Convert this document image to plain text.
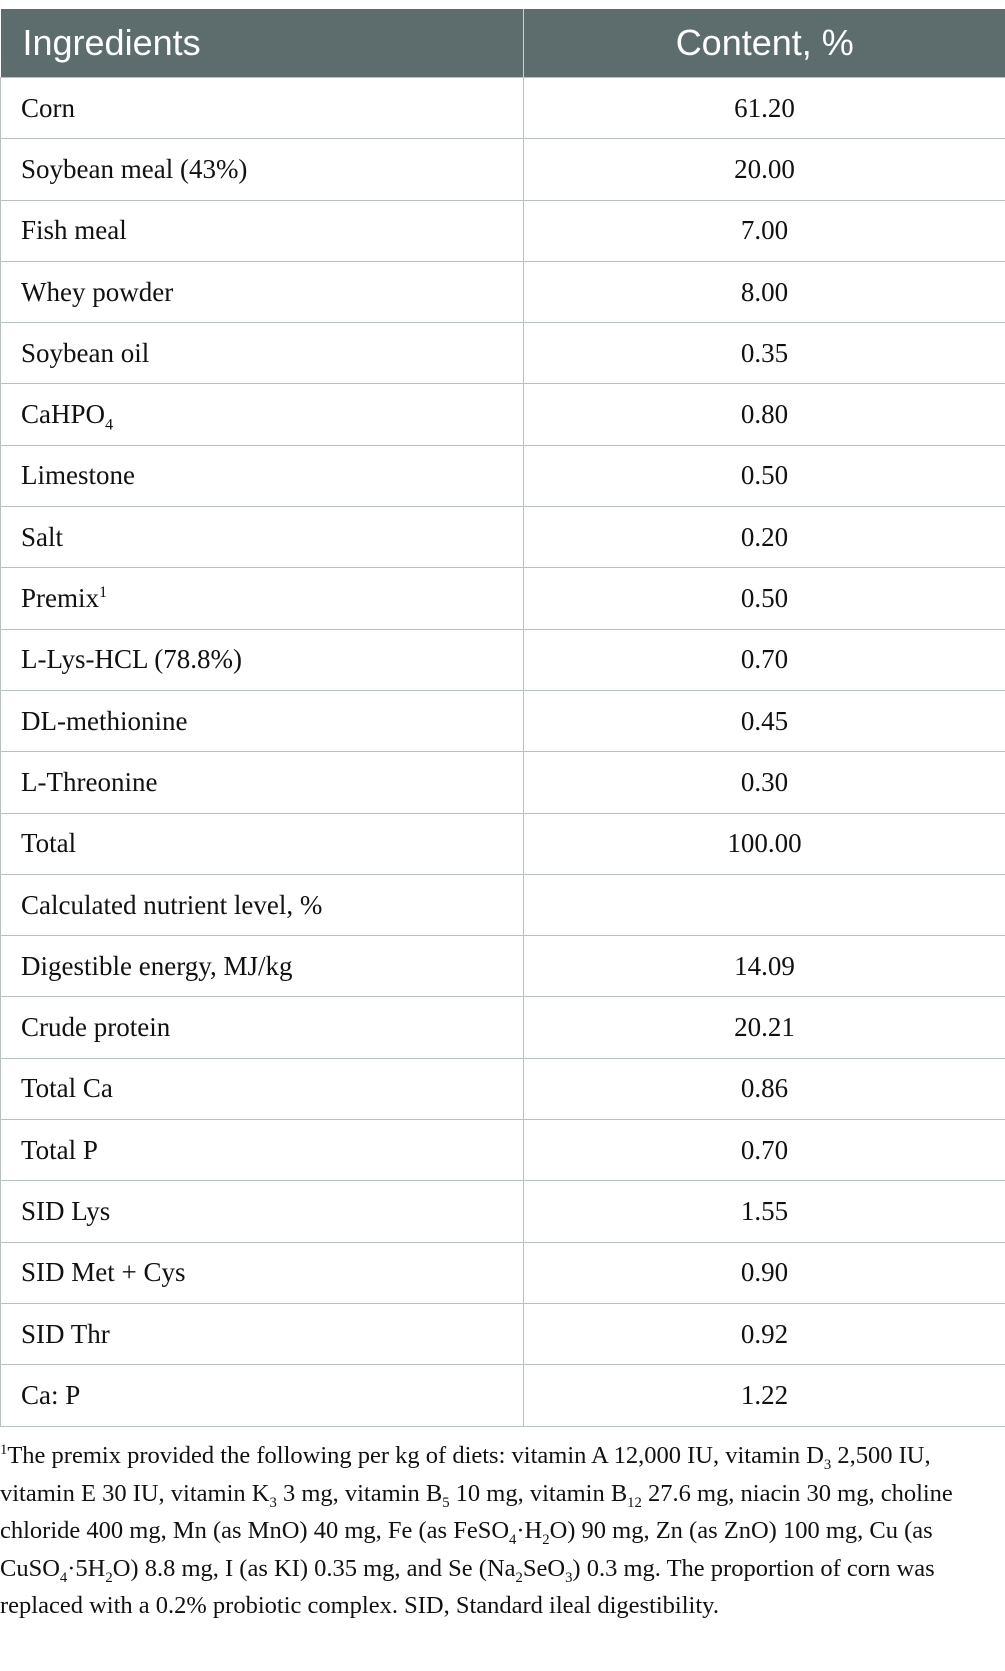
Ingredients	Content, %
Corn	61.20
Soybean meal (43%)	20.00
Fish meal	7.00
Whey powder	8.00
Soybean oil	0.35
CaHPO$_4$	0.80
Limestone	0.50
Salt	0.20
Premix$^1$	0.50
L-Lys-HCL (78.8%)	0.70
DL-methionine	0.45
L-Threonine	0.30
Total	100.00
Calculated nutrient level, %	
Digestible energy, MJ/kg	14.09
Crude protein	20.21
Total Ca	0.86
Total P	0.70
SID Lys	1.55
SID Met + Cys	0.90
SID Thr	0.92
Ca: P	1.22
$^1$The premix provided the following per kg of diets: vitamin A 12,000 IU, vitamin $D_3$ 2,500 IU, vitamin E 30 IU, vitamin $K_3$ 3 mg, vitamin $B_5$ 10 mg, vitamin $B_{12}$ 27.6 mg, niacin 30 mg, choline chloride 400 mg, Mn (as MnO) 40 mg, Fe (as $FeSO_4\cdot H_2O$) 90 mg, Zn (as ZnO) 100 mg, Cu (as $CuSO_4\cdot 5H_2O$) 8.8 mg, I (as KI) 0.35 mg, and Se $(Na_2SeO_3)$ 0.3 mg. The proportion of corn was replaced with a 0.2% probiotic complex. SID, Standard ileal digestibility.
